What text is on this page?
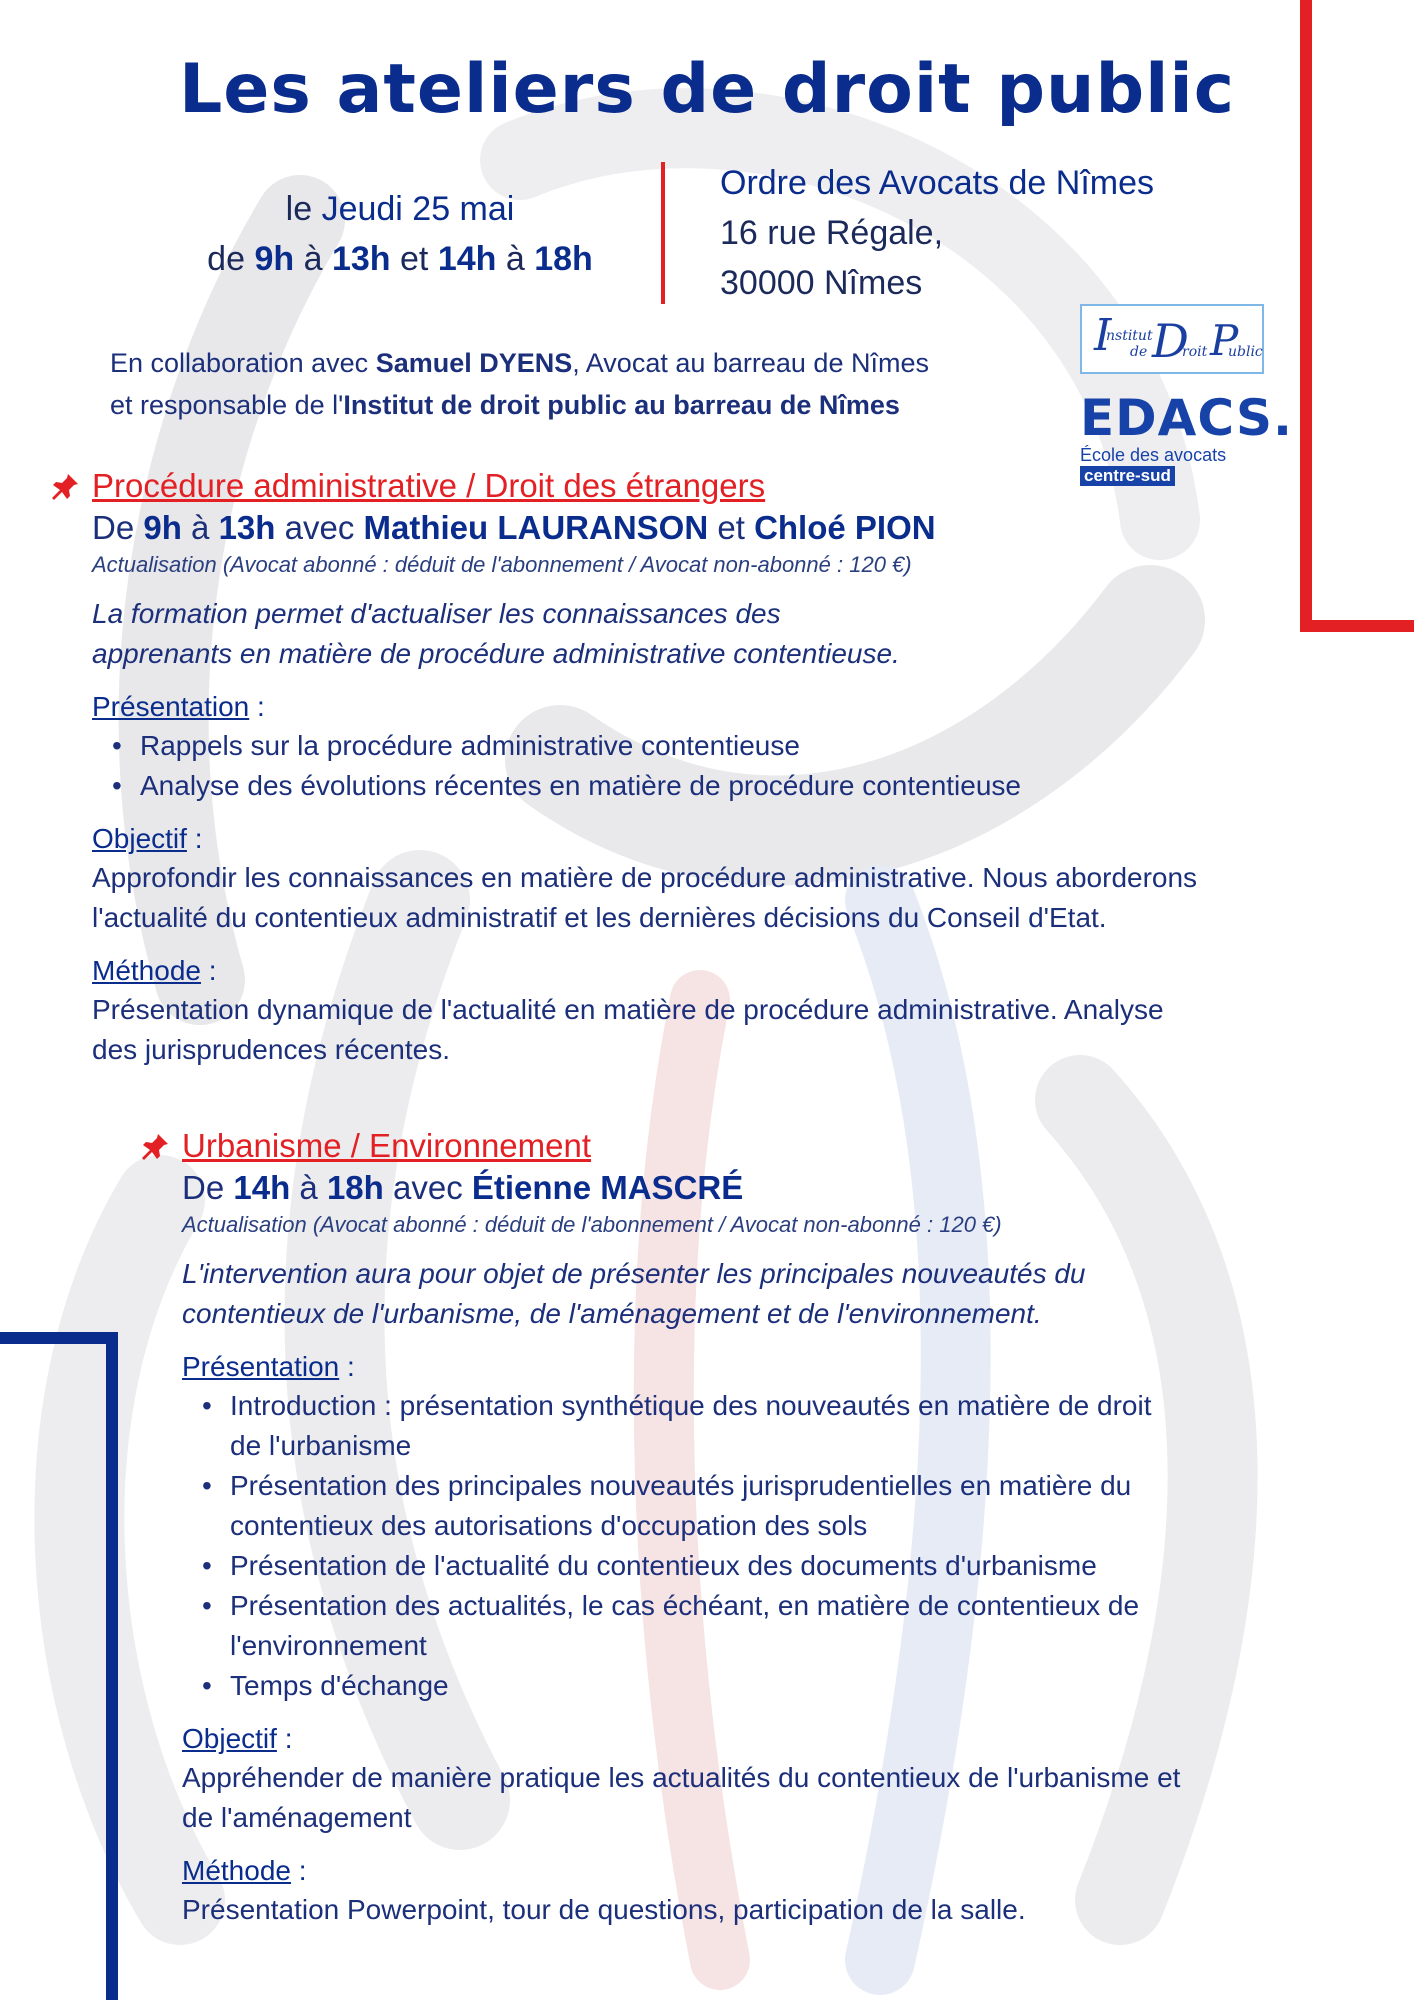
Les ateliers de droit public
le Jeudi 25 mai
de 9h à 13h et 14h à 18h
Ordre des Avocats de Nîmes
16 rue Régale,
30000 Nîmes
En collaboration avec Samuel DYENS, Avocat au barreau de Nîmes
et responsable de l'Institut de droit public au barreau de Nîmes
I
nstitut
de D
roit P
ublic
EDACS.
École des avocats
centre-sud
Procédure administrative / Droit des étrangers
De 9h à 13h avec Mathieu LAURANSON et Chloé PION
Actualisation (Avocat abonné : déduit de l'abonnement / Avocat non-abonné : 120 €)
La formation permet d'actualiser les connaissances des
apprenants en matière de procédure administrative contentieuse.
Présentation :
• Rappels sur la procédure administrative contentieuse
• Analyse des évolutions récentes en matière de procédure contentieuse
Objectif :
Approfondir les connaissances en matière de procédure administrative. Nous aborderons
l'actualité du contentieux administratif et les dernières décisions du Conseil d'Etat.
Méthode :
Présentation dynamique de l'actualité en matière de procédure administrative. Analyse
des jurisprudences récentes.
Urbanisme / Environnement
De 14h à 18h avec Étienne MASCRÉ
Actualisation (Avocat abonné : déduit de l'abonnement / Avocat non-abonné : 120 €)
L'intervention aura pour objet de présenter les principales nouveautés du
contentieux de l'urbanisme, de l'aménagement et de l'environnement.
Présentation :
• Introduction : présentation synthétique des nouveautés en matière de droit
de l'urbanisme
• Présentation des principales nouveautés jurisprudentielles en matière du
contentieux des autorisations d'occupation des sols
• Présentation de l'actualité du contentieux des documents d'urbanisme
• Présentation des actualités, le cas échéant, en matière de contentieux de
l'environnement
• Temps d'échange
Objectif :
Appréhender de manière pratique les actualités du contentieux de l'urbanisme et
de l'aménagement
Méthode :
Présentation Powerpoint, tour de questions, participation de la salle.
